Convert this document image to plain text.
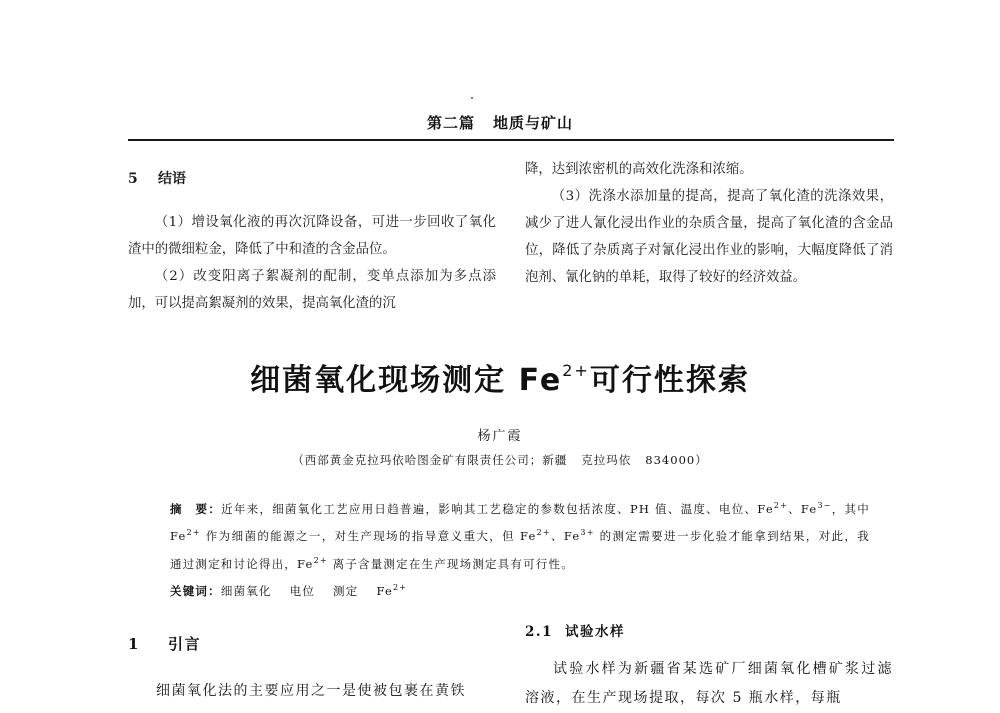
第二篇 地质与矿山
5 结语

（1）增设氧化液的再次沉降设备，可进一步回收了氧化渣中的微细粒金，降低了中和渣的含金品位。

（2）改变阳离子絮凝剂的配制，变单点添加为多点添加，可以提高絮凝剂的效果，提高氧化渣的沉

降，达到浓密机的高效化洗涤和浓缩。

（3）洗涤水添加量的提高，提高了氧化渣的洗涤效果，减少了进人氰化浸出作业的杂质含量，提高了氧化渣的含金品位，降低了杂质离子对氰化浸出作业的影响，大幅度降低了消泡剂、氰化钠的单耗，取得了较好的经济效益。

细菌氧化现场测定 $Fe^{2+}$可行性探索
杨广霞
（西部黄金克拉玛依哈图金矿有限责任公司；新疆 克拉玛依 834000）
摘　要：近年来，细菌氧化工艺应用日趋普遍，影响其工艺稳定的参数包括浓度、PH 值、温度、电位、$Fe^{2+}$、$Fe^{3-}$，其中 $Fe^{2+}$ 作为细菌的能源之一，对生产现场的指导意义重大，但 $Fe^{2+}$、$Fe^{3+}$ 的测定需要进一步化验才能拿到结果，对此，我通过测定和讨论得出，$Fe^{2+}$ 离子含量测定在生产现场测定具有可行性。
关键词：细菌氧化 电位 测定 $Fe^{2+}$
1 引言

细菌氧化法的主要应用之一是使被包裹在黄铁

2.1 试验水样

试验水样为新疆省某选矿厂细菌氧化槽矿浆过滤溶液，在生产现场提取，每次 5 瓶水样，每瓶
